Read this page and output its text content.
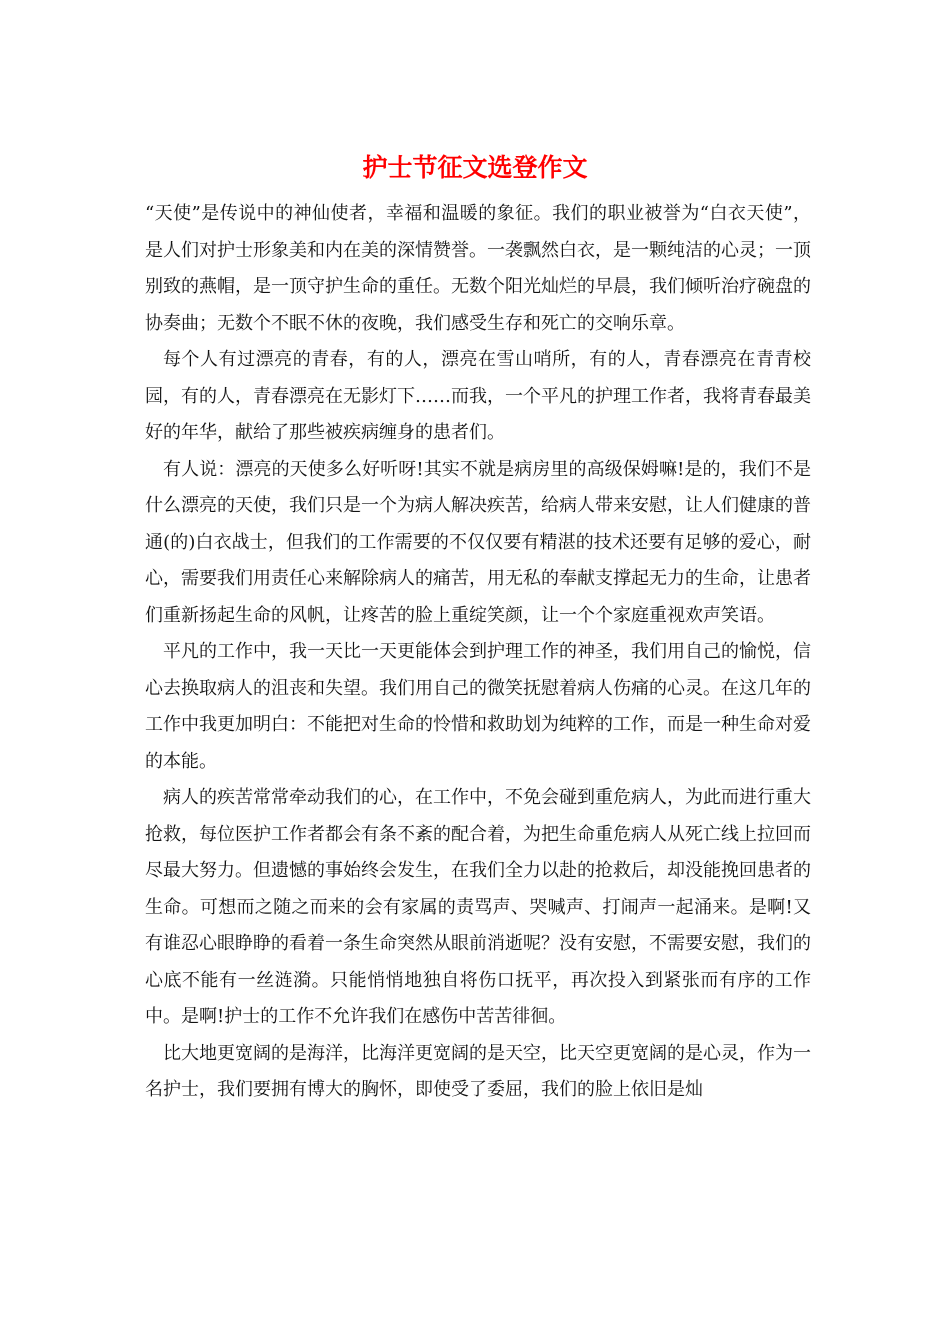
护士节征文选登作文

“天使”是传说中的神仙使者，幸福和温暖的象征。我们的职业被誉为“白衣天使”，是人们对护士形象美和内在美的深情赞誉。一袭飘然白衣，是一颗纯洁的心灵；一顶别致的燕帽，是一顶守护生命的重任。无数个阳光灿烂的早晨，我们倾听治疗碗盘的协奏曲；无数个不眠不休的夜晚，我们感受生存和死亡的交响乐章。

每个人有过漂亮的青春，有的人，漂亮在雪山哨所，有的人，青春漂亮在青青校园，有的人，青春漂亮在无影灯下……而我，一个平凡的护理工作者，我将青春最美好的年华，献给了那些被疾病缠身的患者们。

有人说：漂亮的天使多么好听呀!其实不就是病房里的高级保姆嘛!是的，我们不是什么漂亮的天使，我们只是一个为病人解决疾苦，给病人带来安慰，让人们健康的普通(的)白衣战士，但我们的工作需要的不仅仅要有精湛的技术还要有足够的爱心，耐心，需要我们用责任心来解除病人的痛苦，用无私的奉献支撑起无力的生命，让患者们重新扬起生命的风帆，让疼苦的脸上重绽笑颜，让一个个家庭重视欢声笑语。

平凡的工作中，我一天比一天更能体会到护理工作的神圣，我们用自己的愉悦，信心去换取病人的沮丧和失望。我们用自己的微笑抚慰着病人伤痛的心灵。在这几年的工作中我更加明白：不能把对生命的怜惜和救助划为纯粹的工作，而是一种生命对爱的本能。

病人的疾苦常常牵动我们的心，在工作中，不免会碰到重危病人，为此而进行重大抢救，每位医护工作者都会有条不紊的配合着，为把生命重危病人从死亡线上拉回而尽最大努力。但遗憾的事始终会发生，在我们全力以赴的抢救后，却没能挽回患者的生命。可想而之随之而来的会有家属的责骂声、哭喊声、打闹声一起涌来。是啊!又有谁忍心眼睁睁的看着一条生命突然从眼前消逝呢？没有安慰，不需要安慰，我们的心底不能有一丝涟漪。只能悄悄地独自将伤口抚平，再次投入到紧张而有序的工作中。是啊!护士的工作不允许我们在感伤中苦苦徘徊。

比大地更宽阔的是海洋，比海洋更宽阔的是天空，比天空更宽阔的是心灵，作为一名护士，我们要拥有博大的胸怀，即使受了委屈，我们的脸上依旧是灿
